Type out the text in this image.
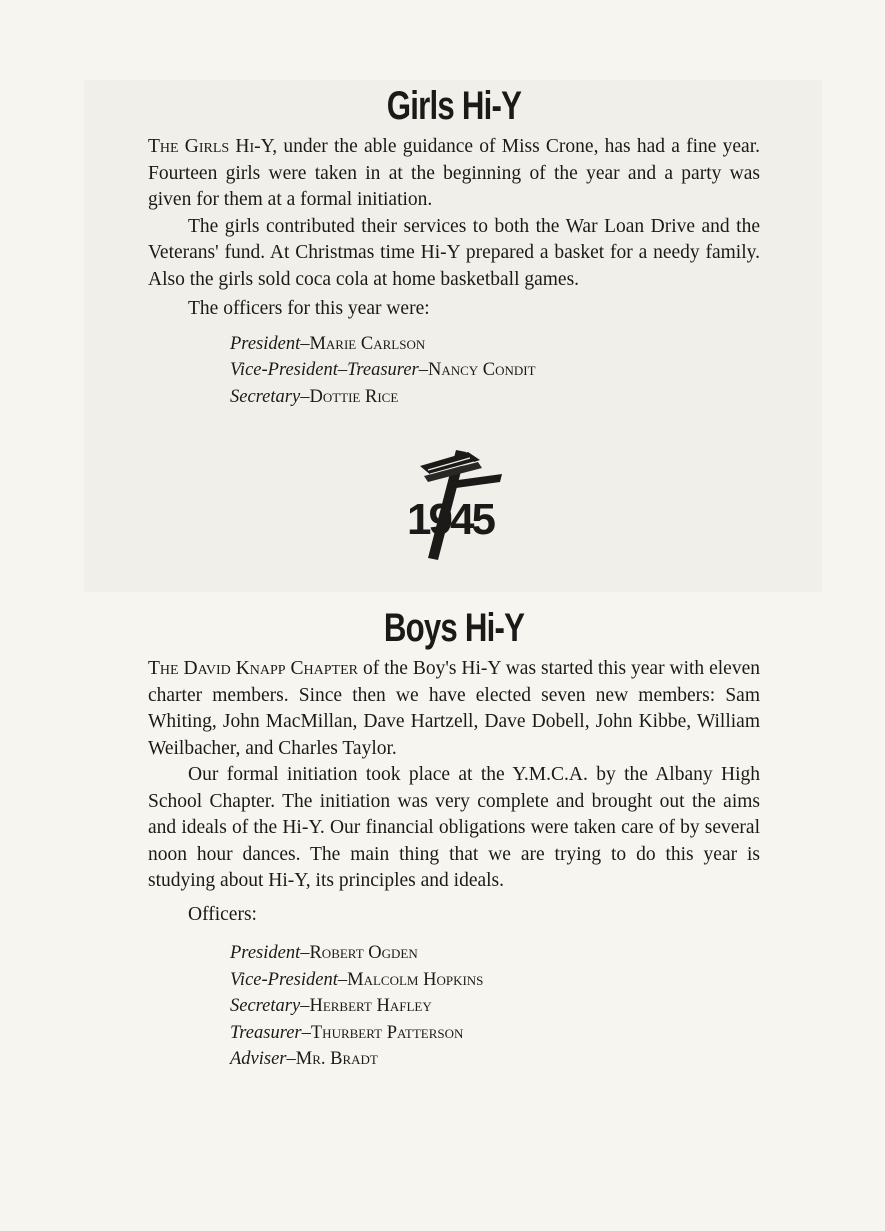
Girls Hi-Y

The Girls Hi-Y, under the able guidance of Miss Crone, has had a fine year. Fourteen girls were taken in at the beginning of the year and a party was given for them at a formal initiation.

The girls contributed their services to both the War Loan Drive and the Veterans' fund. At Christmas time Hi-Y prepared a basket for a needy family. Also the girls sold coca cola at home basketball games.

The officers for this year were:

President–Marie Carlson
Vice-President–Treasurer–Nancy Condit
Secretary–Dottie Rice
1945
Boys Hi-Y

The David Knapp Chapter of the Boy's Hi-Y was started this year with eleven charter members. Since then we have elected seven new members: Sam Whiting, John MacMillan, Dave Hartzell, Dave Dobell, John Kibbe, William Weilbacher, and Charles Taylor.

Our formal initiation took place at the Y.M.C.A. by the Albany High School Chapter. The initiation was very complete and brought out the aims and ideals of the Hi-Y. Our financial obligations were taken care of by several noon hour dances. The main thing that we are trying to do this year is studying about Hi-Y, its principles and ideals.

Officers:

President–Robert Ogden
Vice-President–Malcolm Hopkins
Secretary–Herbert Hafley
Treasurer–Thurbert Patterson
Adviser–Mr. Bradt
